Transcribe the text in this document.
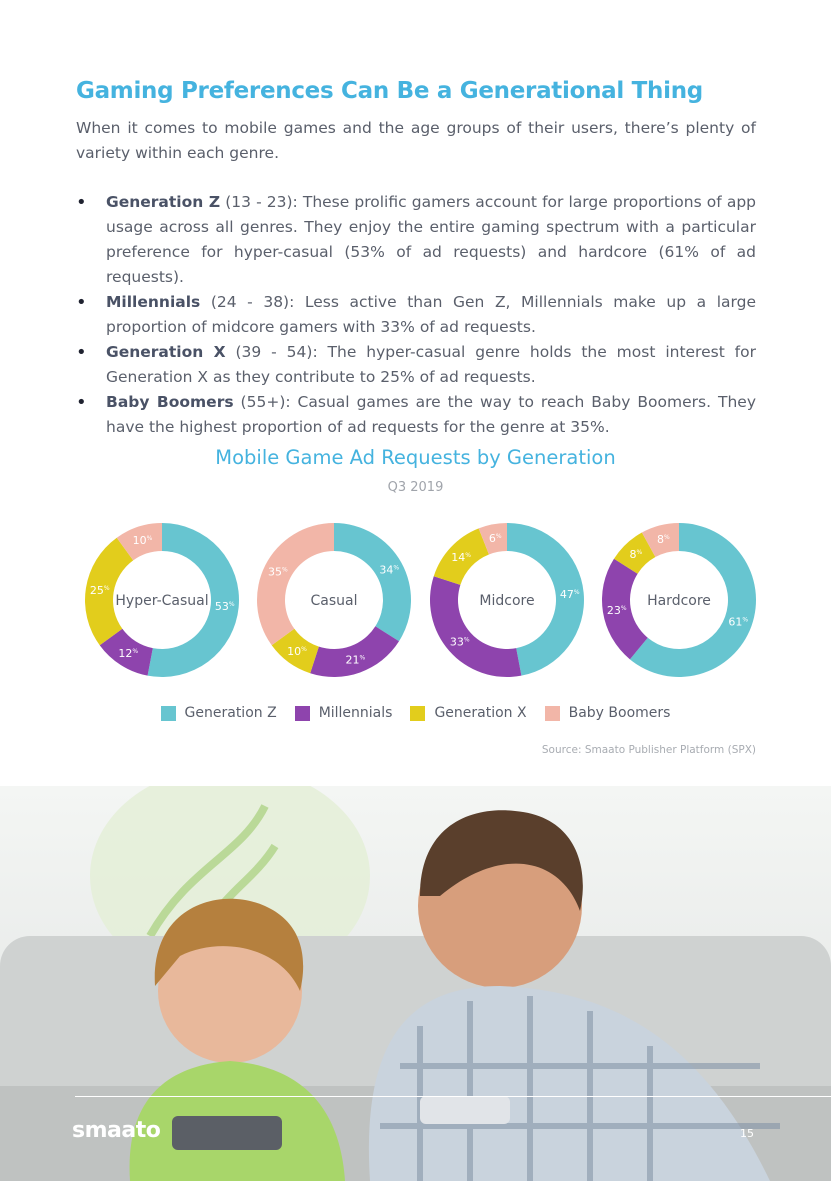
Gaming Preferences Can Be a Generational Thing

When it comes to mobile games and the age groups of their users, there’s plenty of variety within each genre.

• Generation Z (13 - 23): These prolific gamers account for large proportions of app usage across all genres. They enjoy the entire gaming spectrum with a particular preference for hyper-casual (53% of ad requests) and hardcore (61% of ad requests).
• Millennials (24 - 38): Less active than Gen Z, Millennials make up a large proportion of midcore gamers with 33% of ad requests.
• Generation X (39 - 54): The hyper-casual genre holds the most interest for Generation X as they contribute to 25% of ad requests.
• Baby Boomers (55+): Casual games are the way to reach Baby Boomers. They have the highest proportion of ad requests for the genre at 35%.
Mobile Game Ad Requests by Generation

Q3 2019

53%
12%
25%
10%
Hyper-Casual
34%
21%
10%
35%
Casual	47%
33%
14%
6%
Midcore
61%
23%
8%
8%
Hardcore
Generation Z	Millennials	Generation X	Baby Boomers

Source: Smaato Publisher Platform (SPX)

smaato	15
